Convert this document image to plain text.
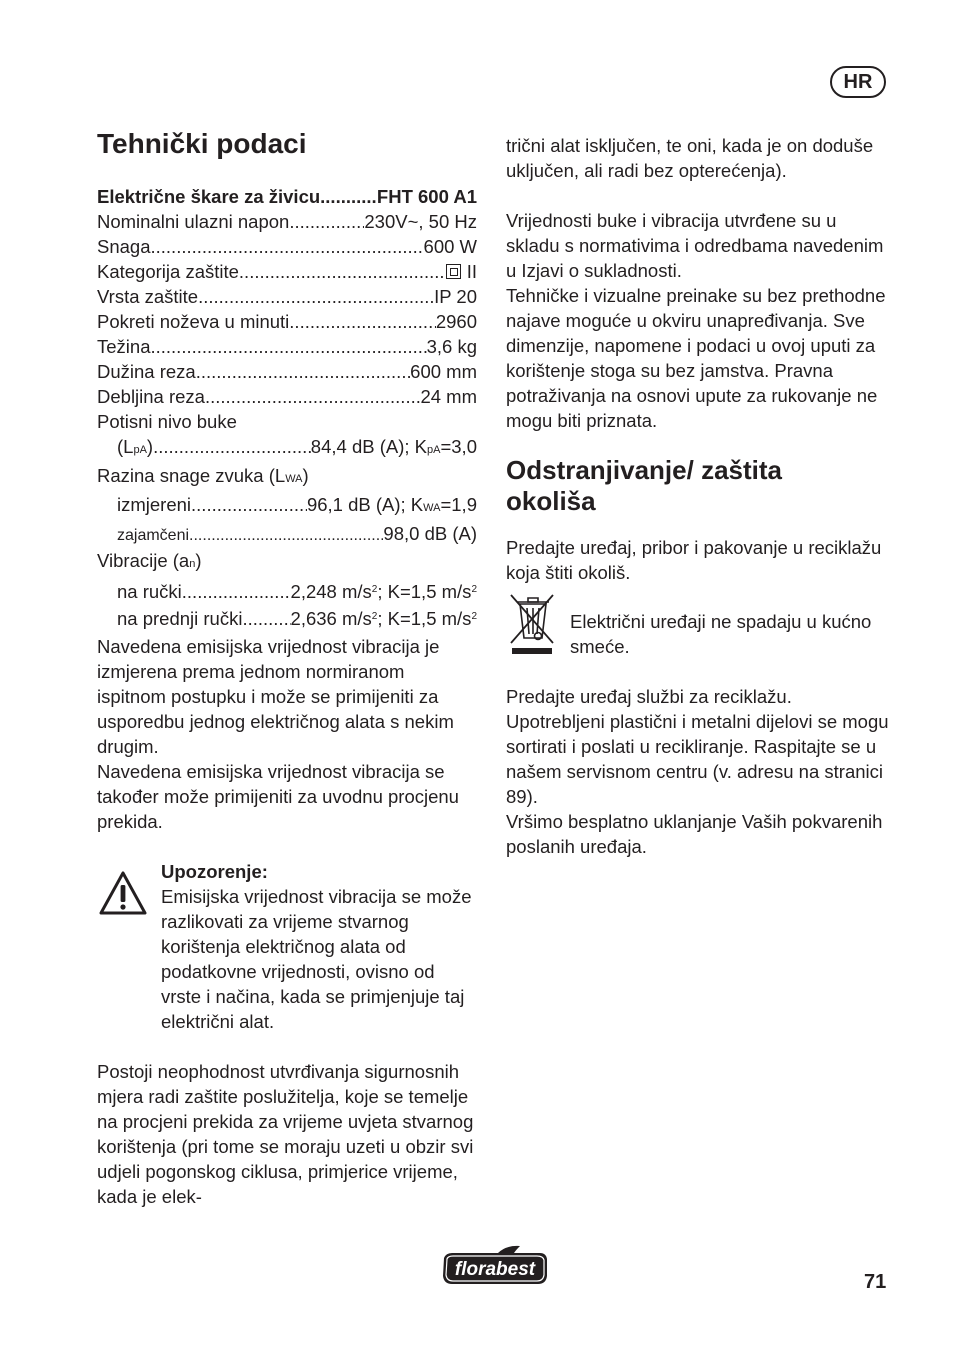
HR
Tehnički podaci
Električne škare za živicu .....	FHT 600 A1
Nominalni ulazni napon .....	230V~, 50 Hz
Snaga .....	600 W
Kategorija zaštite .....	II
Vrsta zaštite .....	IP 20
Pokreti noževa u minuti .....	2960
Težina .....	3,6 kg
Dužina reza .....	600 mm
Debljina reza .....	24 mm
Potisni nivo buke
(LpA) .....	84,4 dB (A); KpA=3,0
Razina snage zvuka (LWA)
izmjereni .....	96,1 dB (A); KWA=1,9
zajamčeni .....	98,0 dB (A)
Vibracije (an)
na ručki .....	2,248 $m/s^2$; K=1,5 $m/s^2$
na prednji ručki .....	2,636 $m/s^2$; K=1,5 $m/s^2$

Navedena emisijska vrijednost vibracija je izmjerena prema jednom normiranom ispitnom postupku i može se primijeniti za usporedbu jednog električnog alata s nekim drugim.

Navedena emisijska vrijednost vibracija se također može primijeniti za uvodnu procjenu prekida.

Upozorenje:

Emisijska vrijednost vibracija se može razlikovati za vrijeme stvarnog korištenja električnog alata od podatkovne vrijednosti, ovisno od vrste i načina, kada se primjenjuje taj električni alat.

Postoji neophodnost utvrđivanja sigurnosnih mjera radi zaštite poslužitelja, koje se temelje na procjeni prekida za vrijeme uvjeta stvarnog korištenja (pri tome se moraju uzeti u obzir svi udjeli pogonskog ciklusa, primjerice vrijeme, kada je elek-

trični alat isključen, te oni, kada je on doduše uključen, ali radi bez opterećenja).

Vrijednosti buke i vibracija utvrđene su u skladu s normativima i odredbama navedenim u Izjavi o sukladnosti.

Tehničke i vizualne preinake su bez prethodne najave moguće u okviru unapređivanja. Sve dimenzije, napomene i podaci u ovoj uputi za korištenje stoga su bez jamstva. Pravna potraživanja na osnovi upute za rukovanje ne mogu biti priznata.

Odstranjivanje/ zaštita okoliša

Predajte uređaj, pribor i pakovanje u reciklažu koja štiti okoliš.

Električni uređaji ne spadaju u kućno smeće.

Predajte uređaj službi za reciklažu. Upotrebljeni plastični i metalni dijelovi se mogu sortirati i poslati u recikliranje. Raspitajte se u našem servisnom centru (v. adresu na stranici 89).

Vršimo besplatno uklanjanje Vaših pokvarenih poslanih uređaja.

florabest
71
